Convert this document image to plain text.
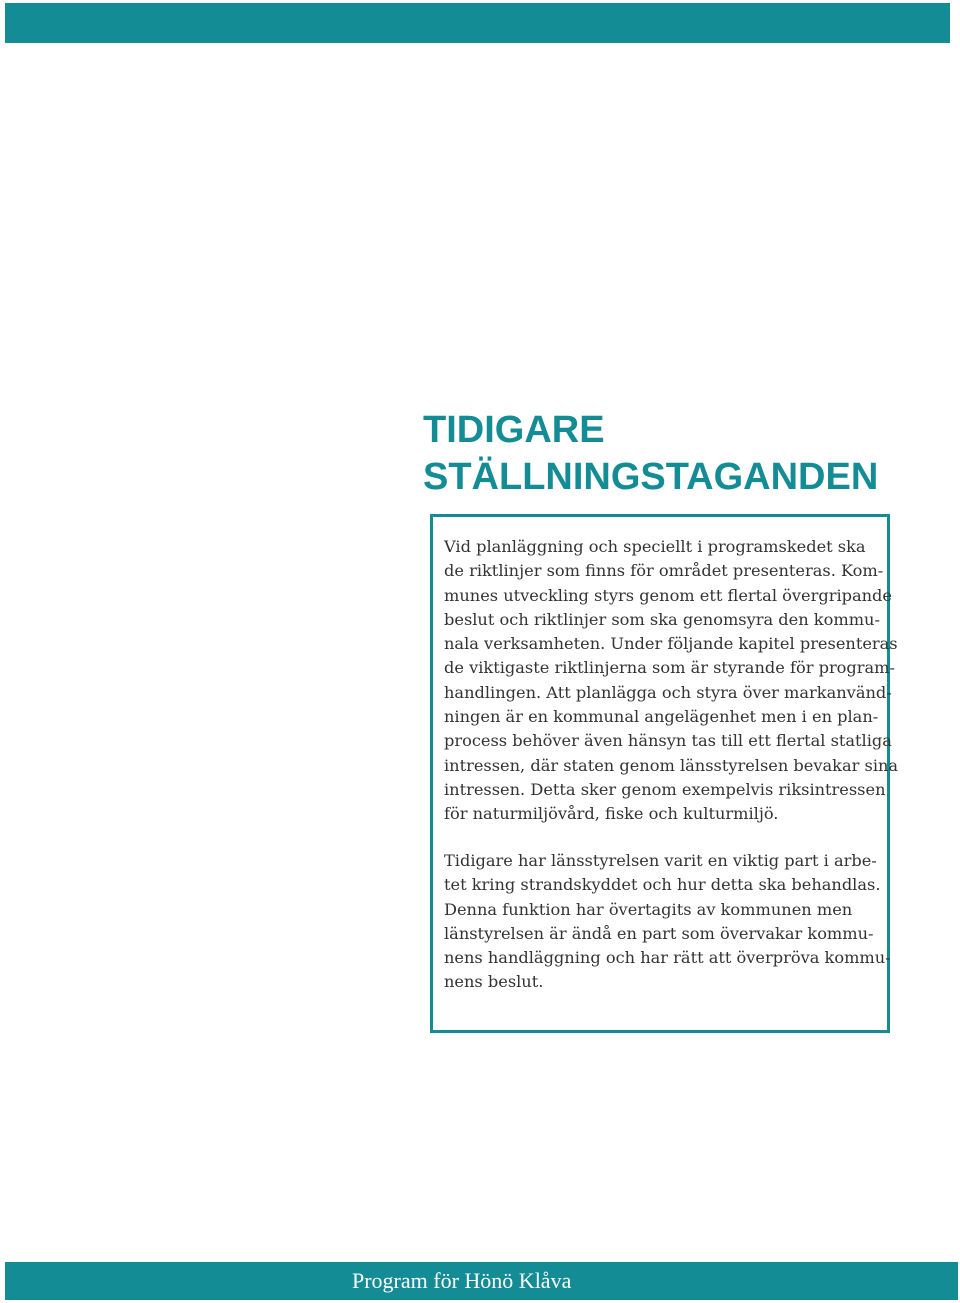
TIDIGARE
STÄLLNINGSTAGANDEN

Vid planläggning och speciellt i programskedet ska
de riktlinjer som finns för området presenteras. Kom-
munes utveckling styrs genom ett flertal övergripande
beslut och riktlinjer som ska genomsyra den kommu-
nala verksamheten. Under följande kapitel presenteras
de viktigaste riktlinjerna som är styrande för program-
handlingen. Att planlägga och styra över markanvänd-
ningen är en kommunal angelägenhet men i en plan-
process behöver även hänsyn tas till ett flertal statliga
intressen, där staten genom länsstyrelsen bevakar sina
intressen. Detta sker genom exempelvis riksintressen
för naturmiljövård, fiske och kulturmiljö.

Tidigare har länsstyrelsen varit en viktig part i arbe-
tet kring strandskyddet och hur detta ska behandlas.
Denna funktion har övertagits av kommunen men
länstyrelsen är ändå en part som övervakar kommu-
nens handläggning och har rätt att överpröva kommu-
nens beslut.

Program för Hönö Klåva
